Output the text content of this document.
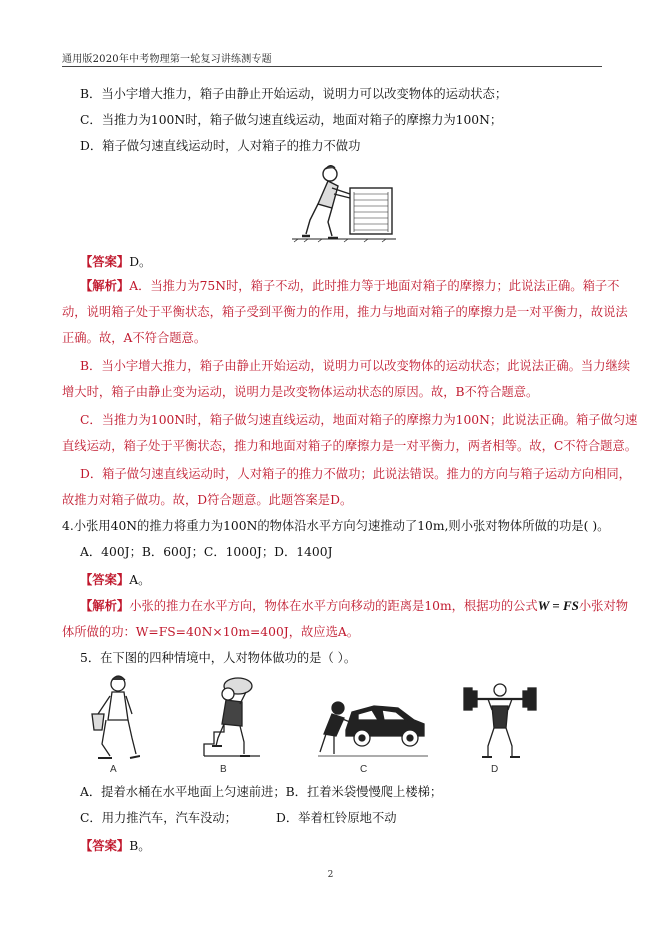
通用版2020年中考物理第一轮复习讲练测专题
B．当小宇增大推力，箱子由静止开始运动，说明力可以改变物体的运动状态；
C．当推力为100N时，箱子做匀速直线运动，地面对箱子的摩擦力为100N；
D．箱子做匀速直线运动时，人对箱子的推力不做功
【答案】D。
【解析】A．当推力为75N时，箱子不动，此时推力等于地面对箱子的摩擦力；此说法正确。箱子不
动，说明箱子处于平衡状态，箱子受到平衡力的作用，推力与地面对箱子的摩擦力是一对平衡力，故说法
正确。故，A不符合题意。
B．当小宇增大推力，箱子由静止开始运动，说明力可以改变物体的运动状态；此说法正确。当力继续
增大时，箱子由静止变为运动，说明力是改变物体运动状态的原因。故，B不符合题意。
C．当推力为100N时，箱子做匀速直线运动，地面对箱子的摩擦力为100N；此说法正确。箱子做匀速
直线运动，箱子处于平衡状态，推力和地面对箱子的摩擦力是一对平衡力，两者相等。故，C不符合题意。
D．箱子做匀速直线运动时，人对箱子的推力不做功；此说法错误。推力的方向与箱子运动方向相同，
故推力对箱子做功。故，D符合题意。此题答案是D。
4.小张用40N的推力将重力为100N的物体沿水平方向匀速推动了10m,则小张对物体所做的功是( )。
A．400J；B．600J；C．1000J；D．1400J
【答案】A。
【解析】小张的推力在水平方向，物体在水平方向移动的距离是10m，根据功的公式W = FS小张对物
体所做的功：W=FS=40N×10m=400J，故应选A。
5．在下图的四种情境中，人对物体做功的是（ ）。
A	B	C	D
A．提着水桶在水平地面上匀速前进；B．扛着米袋慢慢爬上楼梯；
C．用力推汽车，汽车没动；	D．举着杠铃原地不动
【答案】B。
2
